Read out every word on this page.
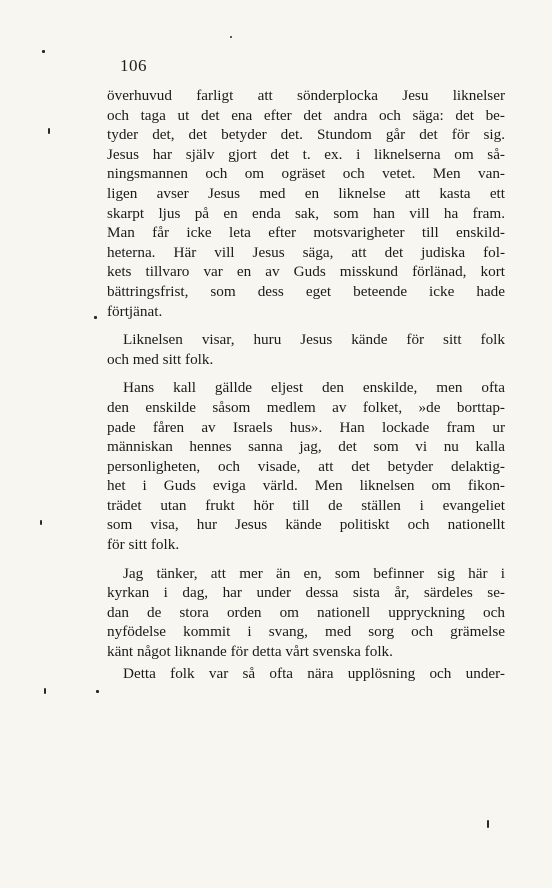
106
överhuvud farligt att sönderplocka Jesu liknelser
och taga ut det ena efter det andra och säga: det be-
tyder det, det betyder det. Stundom går det för sig.
Jesus har själv gjort det t. ex. i liknelserna om så-
ningsmannen och om ogräset och vetet. Men van-
ligen avser Jesus med en liknelse att kasta ett
skarpt ljus på en enda sak, som han vill ha fram.
Man får icke leta efter motsvarigheter till enskild-
heterna. Här vill Jesus säga, att det judiska fol-
kets tillvaro var en av Guds misskund förlänad, kort
bättringsfrist, som dess eget beteende icke hade
förtjänat.
Liknelsen visar, huru Jesus kände för sitt folk
och med sitt folk.
Hans kall gällde eljest den enskilde, men ofta
den enskilde såsom medlem av folket, »de borttap-
pade fåren av Israels hus». Han lockade fram ur
människan hennes sanna jag, det som vi nu kalla
personligheten, och visade, att det betyder delaktig-
het i Guds eviga värld. Men liknelsen om fikon-
trädet utan frukt hör till de ställen i evangeliet
som visa, hur Jesus kände politiskt och nationellt
för sitt folk.
Jag tänker, att mer än en, som befinner sig här i
kyrkan i dag, har under dessa sista år, särdeles se-
dan de stora orden om nationell uppryckning och
nyfödelse kommit i svang, med sorg och grämelse
känt något liknande för detta vårt svenska folk.
Detta folk var så ofta nära upplösning och under-
